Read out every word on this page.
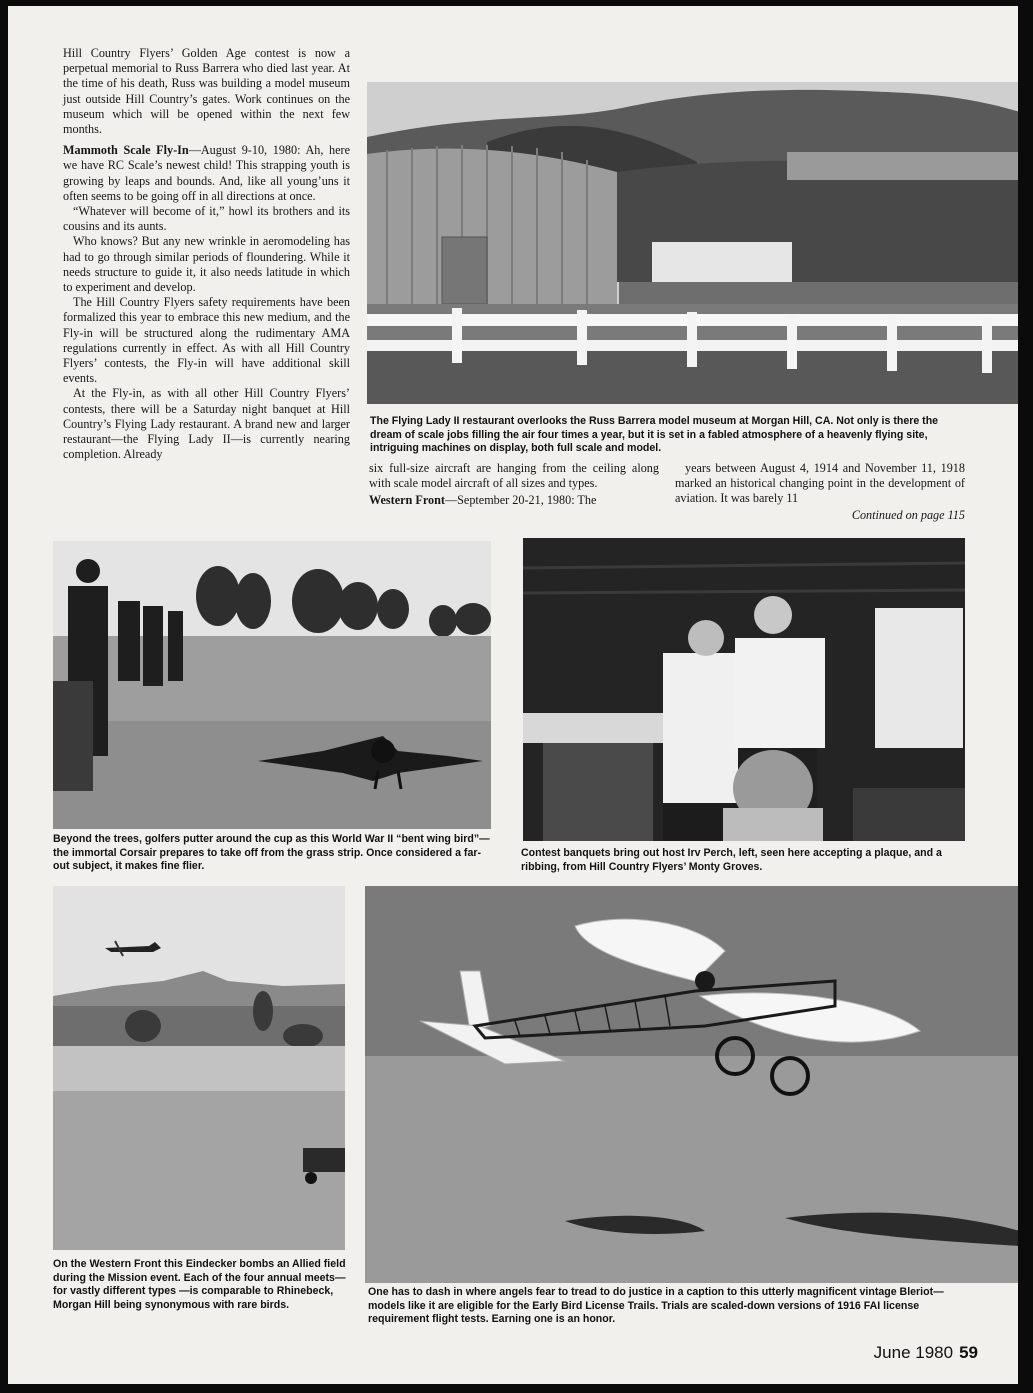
Hill Country Flyers’ Golden Age contest is now a perpetual memorial to Russ Barrera who died last year. At the time of his death, Russ was building a model museum just outside Hill Country’s gates. Work continues on the museum which will be opened within the next few months.

Mammoth Scale Fly-In—August 9-10, 1980: Ah, here we have RC Scale’s newest child! This strapping youth is growing by leaps and bounds. And, like all young’uns it often seems to be going off in all directions at once.

“Whatever will become of it,” howl its brothers and its cousins and its aunts.

Who knows? But any new wrinkle in aeromodeling has had to go through similar periods of floundering. While it needs structure to guide it, it also needs latitude in which to experiment and develop.

The Hill Country Flyers safety requirements have been formalized this year to embrace this new medium, and the Fly-in will be structured along the rudimentary AMA regulations currently in effect. As with all Hill Country Flyers’ contests, the Fly-in will have additional skill events.

At the Fly-in, as with all other Hill Country Flyers’ contests, there will be a Saturday night banquet at Hill Country’s Flying Lady restaurant. A brand new and larger restaurant—the Flying Lady II—is currently nearing completion. Already

The Flying Lady II restaurant overlooks the Russ Barrera model museum at Morgan Hill, CA. Not only is there the dream of scale jobs filling the air four times a year, but it is set in a fabled atmosphere of a heavenly flying site, intriguing machines on display, both full scale and model.

six full-size aircraft are hanging from the ceiling along with scale model aircraft of all sizes and types.

Western Front—September 20-21, 1980: The

years between August 4, 1914 and November 11, 1918 marked an historical changing point in the development of aviation. It was barely 11

Continued on page 115

Beyond the trees, golfers putter around the cup as this World War II “bent wing bird”—the immortal Corsair prepares to take off from the grass strip. Once considered a far-out subject, it makes fine flier.

Contest banquets bring out host Irv Perch, left, seen here accepting a plaque, and a ribbing, from Hill Country Flyers’ Monty Groves.

On the Western Front this Eindecker bombs an Allied field during the Mission event. Each of the four annual meets—for vastly different types —is comparable to Rhinebeck, Morgan Hill being synonymous with rare birds.

One has to dash in where angels fear to tread to do justice in a caption to this utterly magnificent vintage Bleriot—models like it are eligible for the Early Bird License Trails. Trials are scaled-down versions of 1916 FAI license requirement flight tests. Earning one is an honor.

June 1980 59
